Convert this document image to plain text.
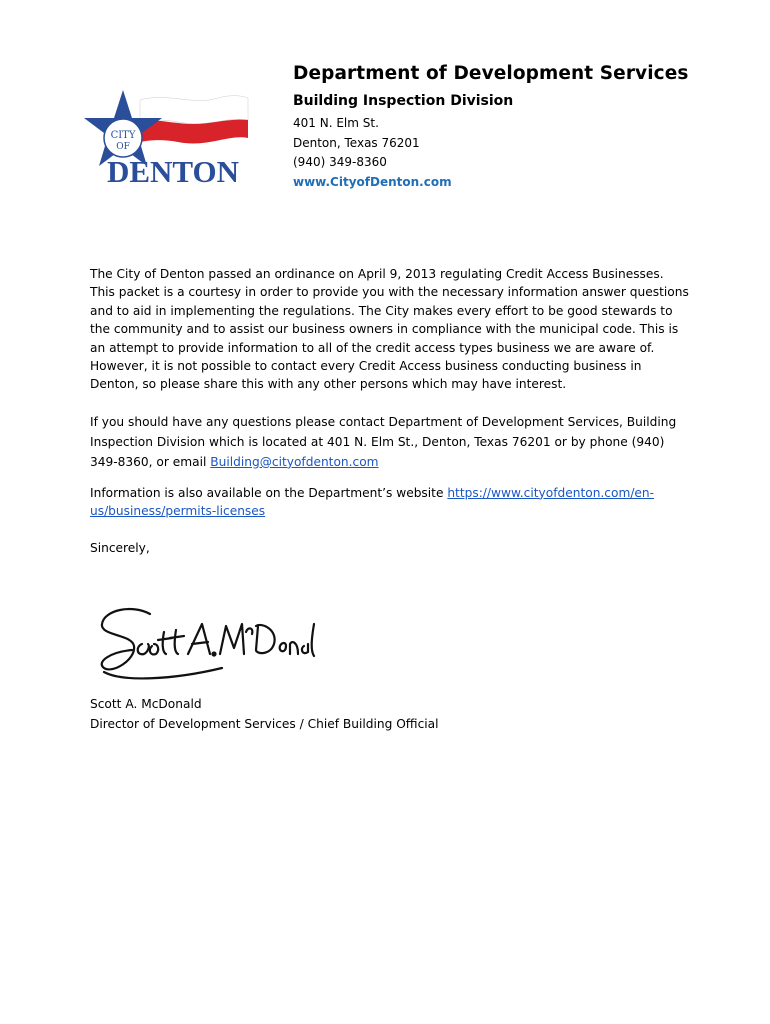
CITY
OF
DENTON
Department of Development Services
Building Inspection Division
401 N. Elm St.
Denton, Texas 76201
(940) 349-8360
www.CityofDenton.com

The City of Denton passed an ordinance on April 9, 2013 regulating Credit Access Businesses. This packet is a courtesy in order to provide you with the necessary information answer questions and to aid in implementing the regulations. The City makes every effort to be good stewards to the community and to assist our business owners in compliance with the municipal code. This is an attempt to provide information to all of the credit access types business we are aware of. However, it is not possible to contact every Credit Access business conducting business in Denton, so please share this with any other persons which may have interest.

If you should have any questions please contact Department of Development Services, Building Inspection Division which is located at 401 N. Elm St., Denton, Texas 76201 or by phone (940) 349-8360, or email Building@cityofdenton.com

Information is also available on the Department’s website https://www.cityofdenton.com/en-us/business/permits-licenses

Sincerely,

Scott A. McDonald
Director of Development Services / Chief Building Official
